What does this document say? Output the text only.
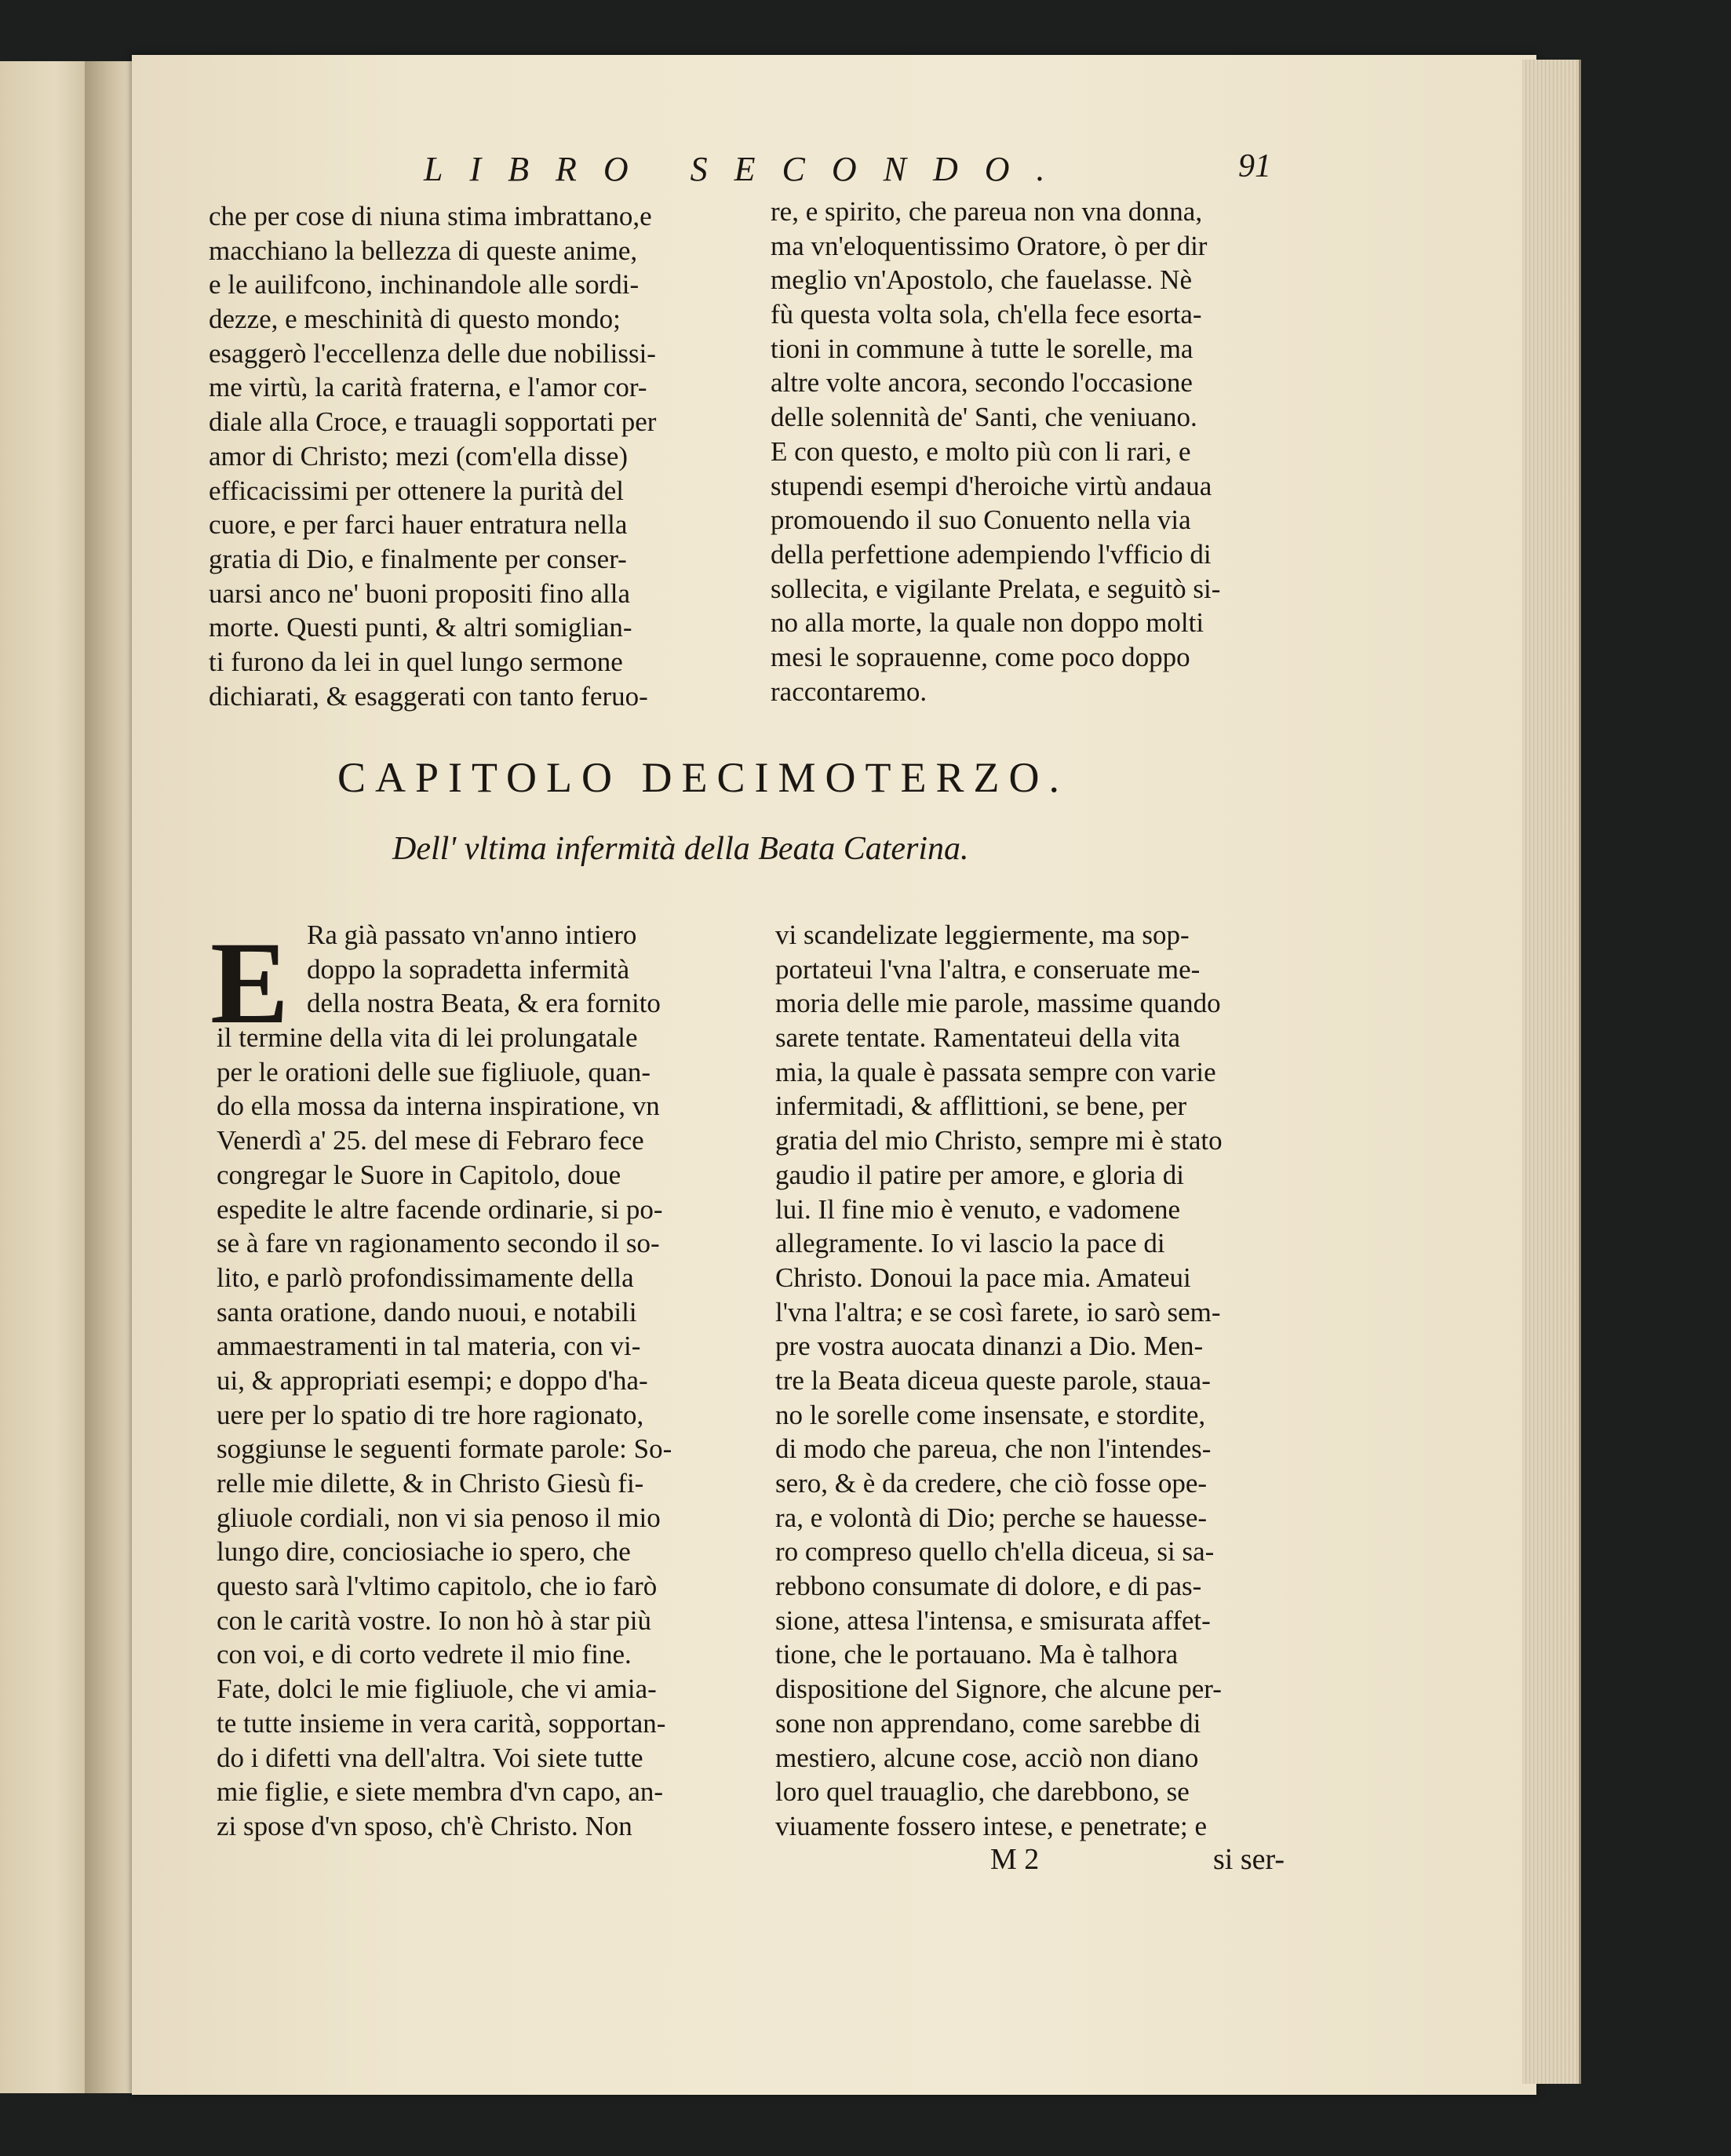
LIBRO SECONDO.	91
che per cose di niuna stima imbrattano,e
macchiano la bellezza di queste anime,
e le auilifcono, inchinandole alle sordi-
dezze, e meschinità di questo mondo;
esaggerò l'eccellenza delle due nobilissi-
me virtù, la carità fraterna, e l'amor cor-
diale alla Croce, e trauagli sopportati per
amor di Christo; mezi (com'ella disse)
efficacissimi per ottenere la purità del
cuore, e per farci hauer entratura nella
gratia di Dio, e finalmente per conser-
uarsi anco ne' buoni propositi fino alla
morte. Questi punti, & altri somiglian-
ti furono da lei in quel lungo sermone
dichiarati, & esaggerati con tanto feruo-
re, e spirito, che pareua non vna donna,
ma vn'eloquentissimo Oratore, ò per dir
meglio vn'Apostolo, che fauelasse. Nè
fù questa volta sola, ch'ella fece esorta-
tioni in commune à tutte le sorelle, ma
altre volte ancora, secondo l'occasione
delle solennità de' Santi, che veniuano.
E con questo, e molto più con li rari, e
stupendi esempi d'heroiche virtù andaua
promouendo il suo Conuento nella via
della perfettione adempiendo l'vfficio di
sollecita, e vigilante Prelata, e seguitò si-
no alla morte, la quale non doppo molti
mesi le soprauenne, come poco doppo
raccontaremo.
CAPITOLO DECIMOTERZO.
Dell' vltima infermità della Beata Caterina.
E Ra già passato vn'anno intiero
doppo la sopradetta infermità
della nostra Beata, & era fornito
il termine della vita di lei prolungatale
per le orationi delle sue figliuole, quan-
do ella mossa da interna inspiratione, vn
Venerdì a' 25. del mese di Febraro fece
congregar le Suore in Capitolo, doue
espedite le altre facende ordinarie, si po-
se à fare vn ragionamento secondo il so-
lito, e parlò profondissimamente della
santa oratione, dando nuoui, e notabili
ammaestramenti in tal materia, con vi-
ui, & appropriati esempi; e doppo d'ha-
uere per lo spatio di tre hore ragionato,
soggiunse le seguenti formate parole: So-
relle mie dilette, & in Christo Giesù fi-
gliuole cordiali, non vi sia penoso il mio
lungo dire, conciosiache io spero, che
questo sarà l'vltimo capitolo, che io farò
con le carità vostre. Io non hò à star più
con voi, e di corto vedrete il mio fine.
Fate, dolci le mie figliuole, che vi amia-
te tutte insieme in vera carità, sopportan-
do i difetti vna dell'altra. Voi siete tutte
mie figlie, e siete membra d'vn capo, an-
zi spose d'vn sposo, ch'è Christo. Non
vi scandelizate leggiermente, ma sop-
portateui l'vna l'altra, e conseruate me-
moria delle mie parole, massime quando
sarete tentate. Ramentateui della vita
mia, la quale è passata sempre con varie
infermitadi, & afflittioni, se bene, per
gratia del mio Christo, sempre mi è stato
gaudio il patire per amore, e gloria di
lui. Il fine mio è venuto, e vadomene
allegramente. Io vi lascio la pace di
Christo. Donoui la pace mia. Amateui
l'vna l'altra; e se così farete, io sarò sem-
pre vostra auocata dinanzi a Dio. Men-
tre la Beata diceua queste parole, stauа-
no le sorelle come insensate, e stordite,
di modo che pareua, che non l'intendes-
sero, & è da credere, che ciò fosse ope-
ra, e volontà di Dio; perche se hauesse-
ro compreso quello ch'ella diceua, si sa-
rebbono consumate di dolore, e di pas-
sione, attesa l'intensa, e smisurata affet-
tione, che le portauano. Ma è talhora
dispositione del Signore, che alcune per-
sone non apprendano, come sarebbe di
mestiero, alcune cose, acciò non diano
loro quel trauaglio, che darebbono, se
viuamente fossero intese, e penetrate; e
M 2	si ser-
